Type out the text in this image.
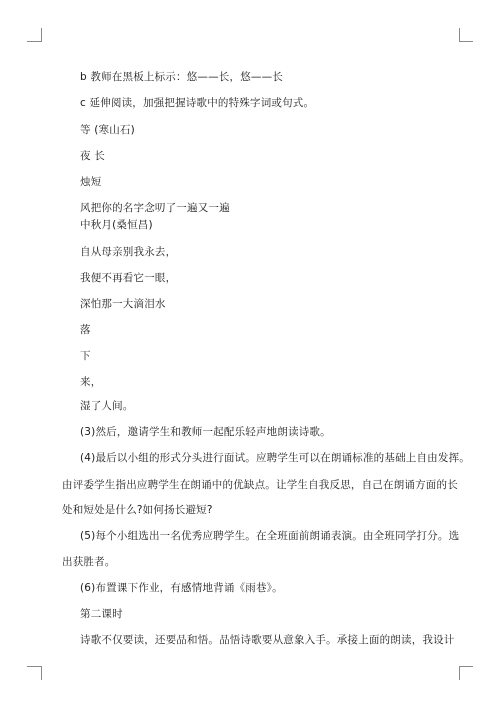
b 教师在黑板上标示：悠——长，悠——长
c 延伸阅读，加强把握诗歌中的特殊字词或句式。
等 (寒山石)
夜 长
烛短
风把你的名字念叨了一遍又一遍
中秋月(桑恒昌)
自从母亲别我永去，
我便不再看它一眼，
深怕那一大滴泪水
落
下
来，
湿了人间。
(3)然后，邀请学生和教师一起配乐轻声地朗读诗歌。
(4)最后以小组的形式分头进行面试。应聘学生可以在朗诵标准的基础上自由发挥。
由评委学生指出应聘学生在朗诵中的优缺点。让学生自我反思，自己在朗诵方面的长
处和短处是什么?如何扬长避短?
(5)每个小组选出一名优秀应聘学生。在全班面前朗诵表演。由全班同学打分。选
出获胜者。
(6)布置课下作业，有感情地背诵《雨巷》。
第二课时
诗歌不仅要读，还要品和悟。品悟诗歌要从意象入手。承接上面的朗读，我设计
